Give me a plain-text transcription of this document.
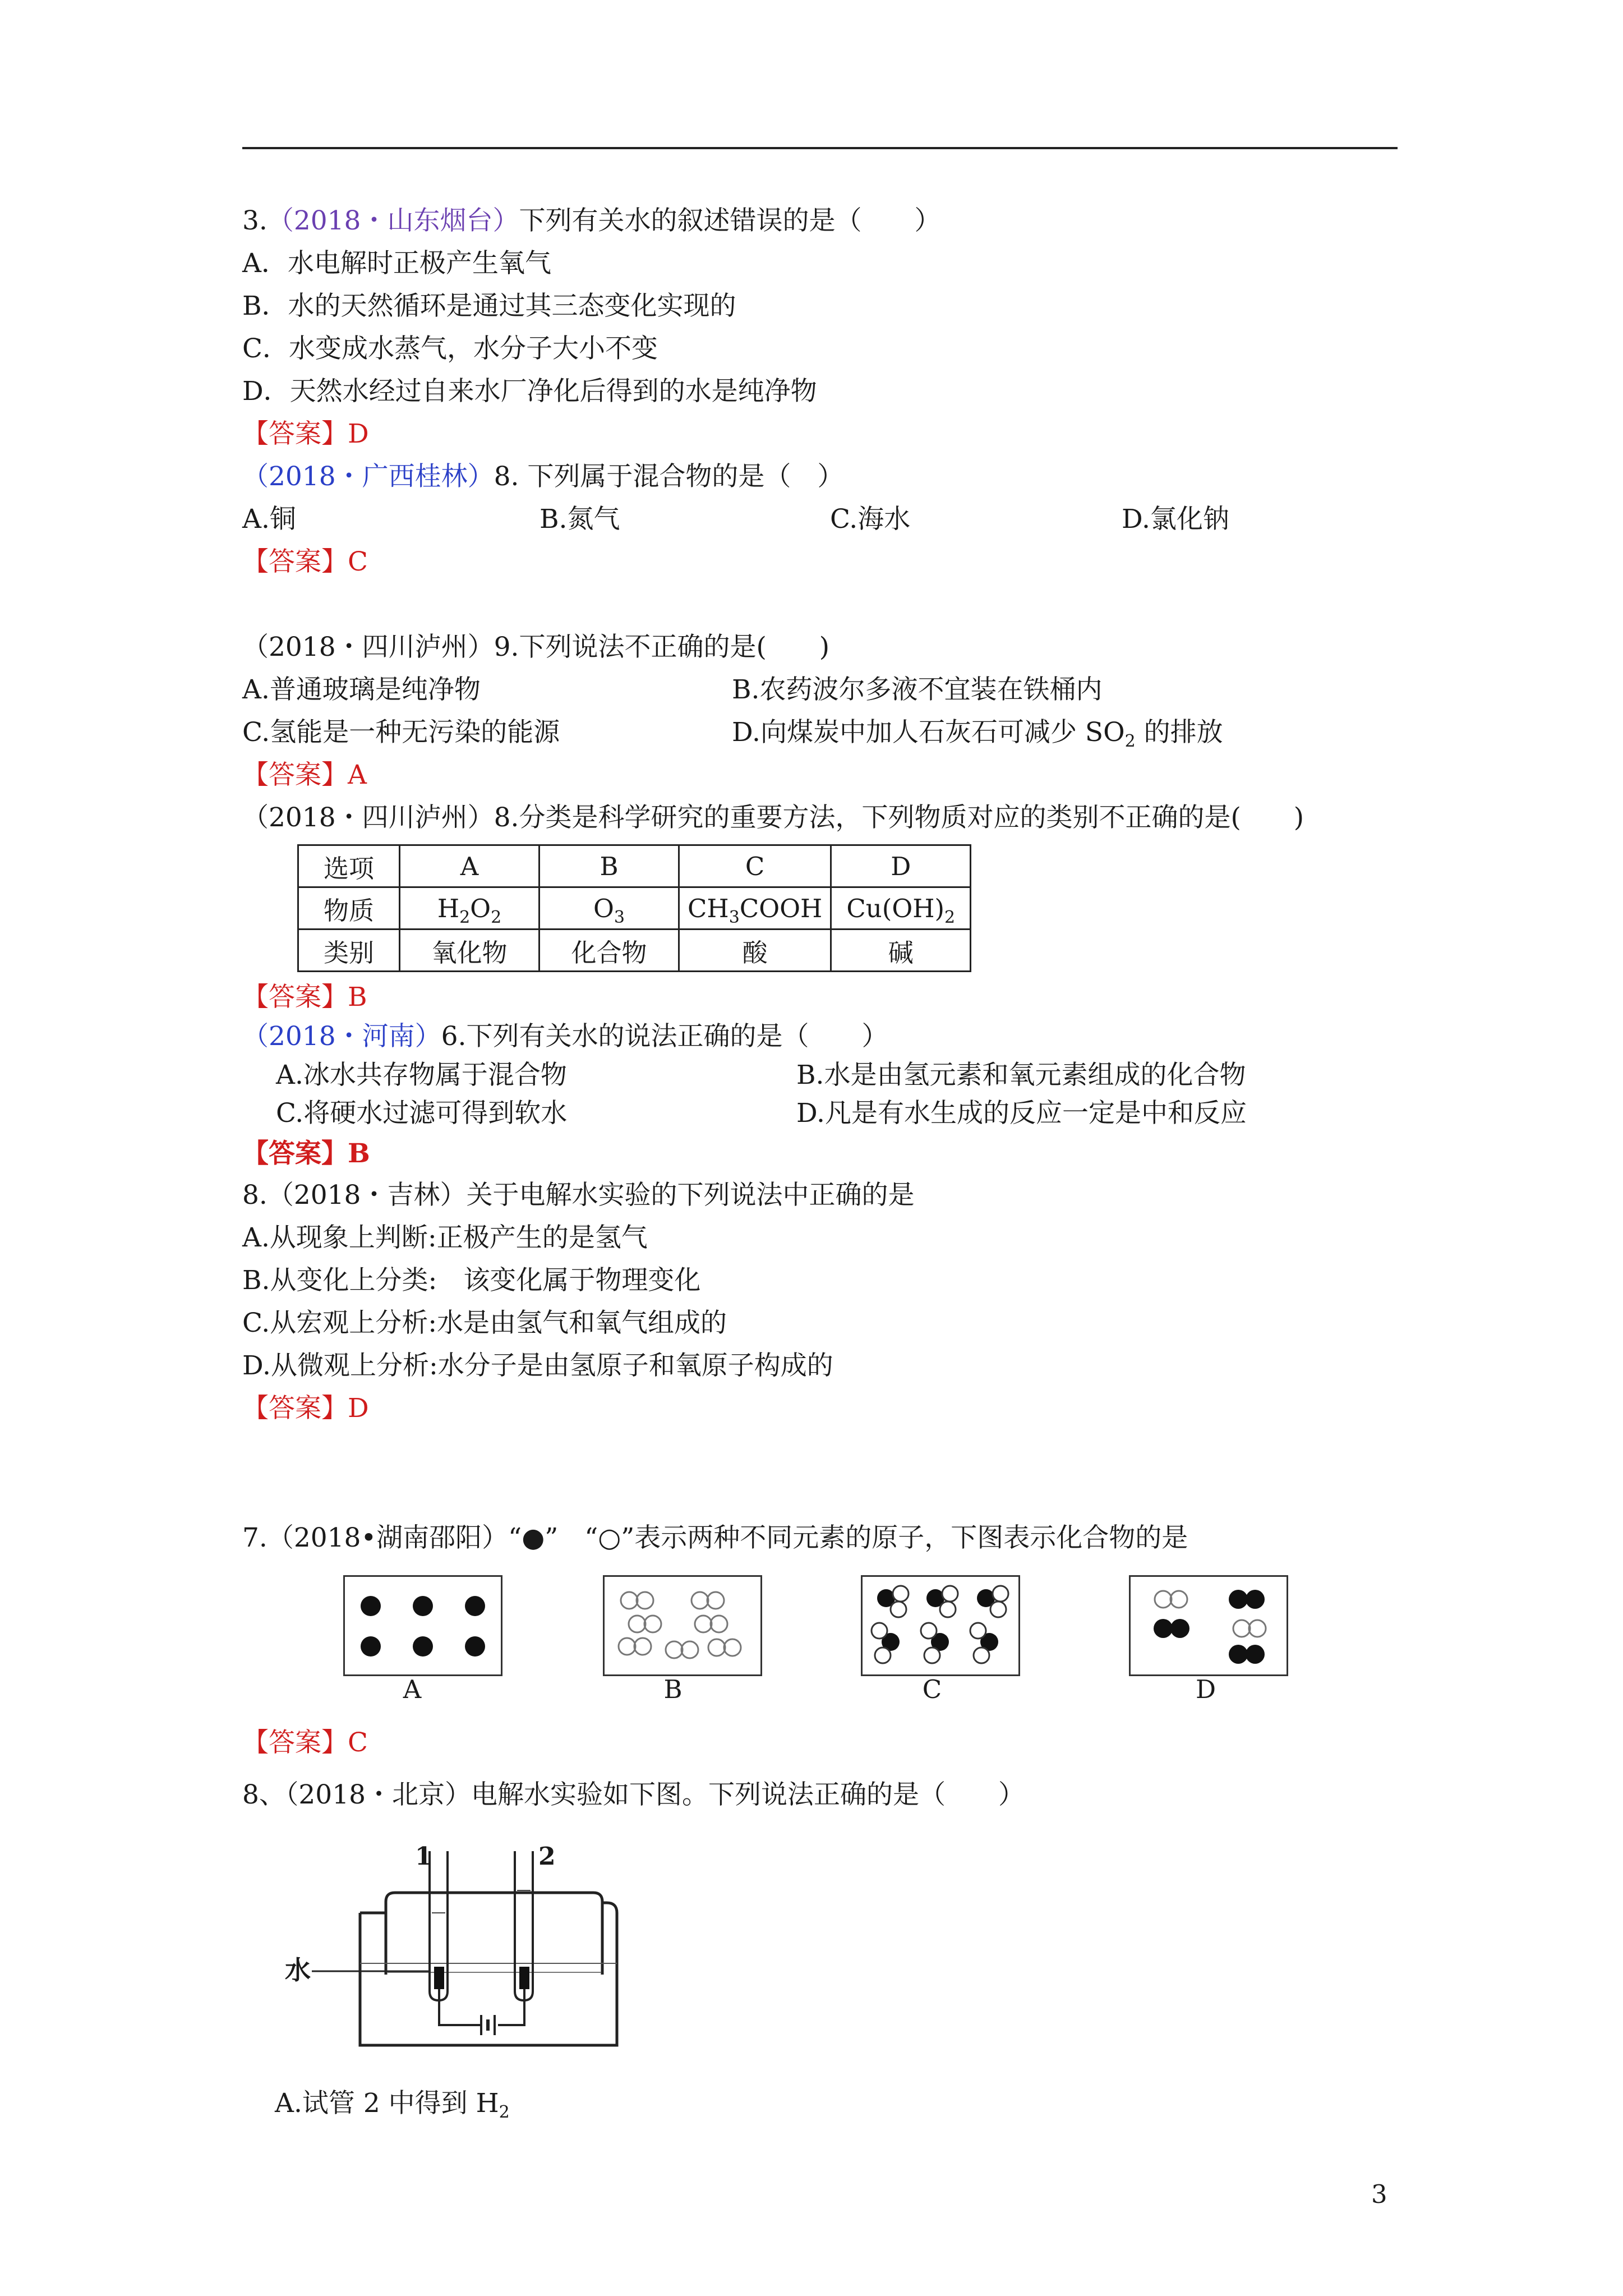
3.（2018・山东烟台）下列有关水的叙述错误的是（　　）
A．水电解时正极产生氧气
B．水的天然循环是通过其三态变化实现的
C．水变成水蒸气，水分子大小不变
D．天然水经过自来水厂净化后得到的水是纯净物
【答案】D
（2018・广西桂林）8. 下列属于混合物的是（　）
A.铜	B.氮气	C.海水	D.氯化钠
【答案】C
（2018・四川泸州）9.下列说法不正确的是(　　)
A.普通玻璃是纯净物	B.农药波尔多液不宜装在铁桶内
C.氢能是一种无污染的能源	D.向煤炭中加人石灰石可减少 $SO_2$ 的排放
【答案】A
（2018・四川泸州）8.分类是科学研究的重要方法，下列物质对应的类别不正确的是(　　)
选项	A	B	C	D
物质	$H_2O_2$	$O_3$	$CH_3COOH$	$Cu(OH)_2$
类别	氧化物	化合物	酸	碱
【答案】B
（2018・河南）6.下列有关水的说法正确的是（　　）
A.冰水共存物属于混合物	B.水是由氢元素和氧元素组成的化合物
C.将硬水过滤可得到软水	D.凡是有水生成的反应一定是中和反应
【答案】B
8.（2018・吉林）关于电解水实验的下列说法中正确的是
A.从现象上判断:正极产生的是氢气
B.从变化上分类:　该变化属于物理变化
C.从宏观上分析:水是由氢气和氧气组成的
D.从微观上分析:水分子是由氢原子和氧原子构成的
【答案】D
7.（2018•湖南邵阳）“●”　“○”表示两种不同元素的原子，下图表示化合物的是
A	B	C	D
【答案】C
8、（2018・北京）电解水实验如下图。下列说法正确的是（　　）
1	2
水
A.试管 2 中得到 $H_2$
3
